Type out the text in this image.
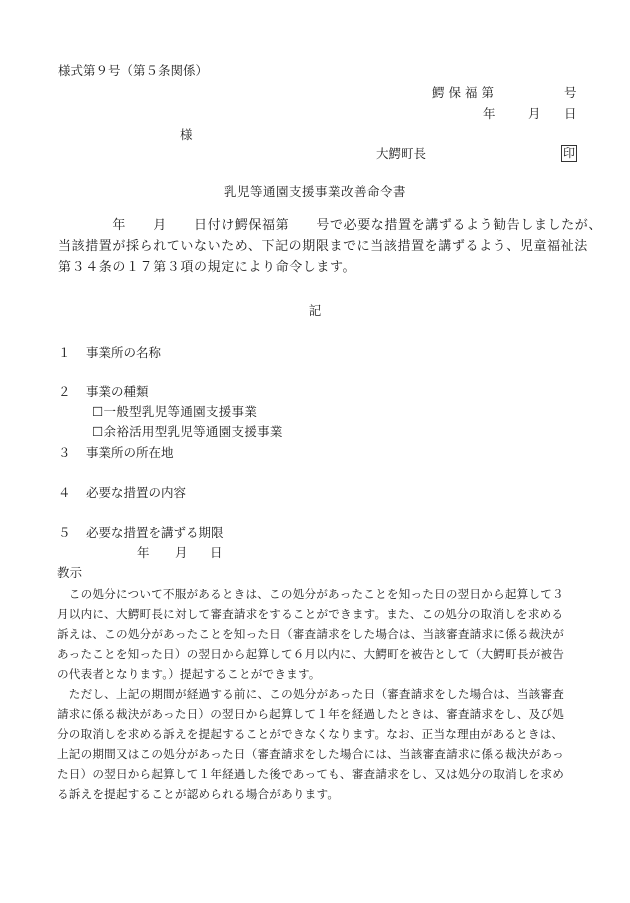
様式第９号（第５条関係）
鰐保福第	号
年	月 日
様
大鰐町長	印
乳児等通園支援事業改善命令書
　　　　年　　月　　日付け鰐保福第　　号で必要な措置を講ずるよう勧告しましたが、
当該措置が採られていないため、下記の期限までに当該措置を講ずるよう、児童福祉法
第３４条の１７第３項の規定により命令します。
記
１ 事業所の名称
２ 事業の種類
☐一般型乳児等通園支援事業
☐余裕活用型乳児等通園支援事業
３ 事業所の所在地
４ 必要な措置の内容
５ 必要な措置を講ずる期限
年 月 日
教示
　この処分について不服があるときは、この処分があったことを知った日の翌日から起算して３
月以内に、大鰐町長に対して審査請求をすることができます。また、この処分の取消しを求める
訴えは、この処分があったことを知った日（審査請求をした場合は、当該審査請求に係る裁決が
あったことを知った日）の翌日から起算して６月以内に、大鰐町を被告として（大鰐町長が被告
の代表者となります。）提起することができます。
　ただし、上記の期間が経過する前に、この処分があった日（審査請求をした場合は、当該審査
請求に係る裁決があった日）の翌日から起算して１年を経過したときは、審査請求をし、及び処
分の取消しを求める訴えを提起することができなくなります。なお、正当な理由があるときは、
上記の期間又はこの処分があった日（審査請求をした場合には、当該審査請求に係る裁決があっ
た日）の翌日から起算して１年経過した後であっても、審査請求をし、又は処分の取消しを求め
る訴えを提起することが認められる場合があります。
